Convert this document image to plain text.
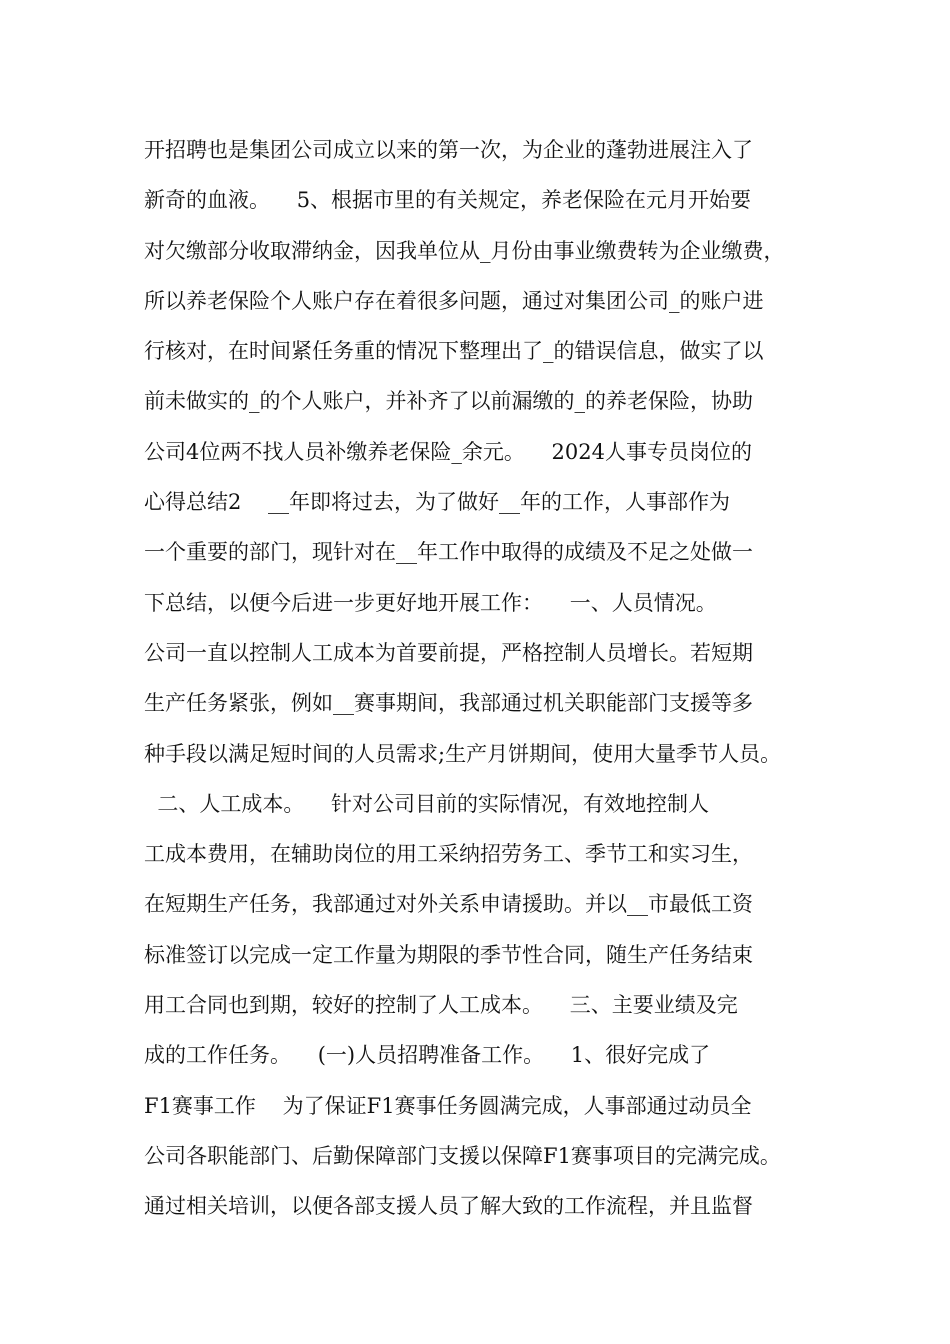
开招聘也是集团公司成立以来的第一次，为企业的蓬勃进展注入了
新奇的血液。    5、根据市里的有关规定，养老保险在元月开始要
对欠缴部分收取滞纳金，因我单位从_月份由事业缴费转为企业缴费，
所以养老保险个人账户存在着很多问题，通过对集团公司_的账户进
行核对，在时间紧任务重的情况下整理出了_的错误信息，做实了以
前未做实的_的个人账户，并补齐了以前漏缴的_的养老保险，协助
公司4位两不找人员补缴养老保险_余元。    2024人事专员岗位的
心得总结2    __年即将过去，为了做好__年的工作，人事部作为
一个重要的部门，现针对在__年工作中取得的成绩及不足之处做一
下总结，以便今后进一步更好地开展工作：    一、人员情况。
公司一直以控制人工成本为首要前提，严格控制人员增长。若短期
生产任务紧张，例如__赛事期间，我部通过机关职能部门支援等多
种手段以满足短时间的人员需求;生产月饼期间，使用大量季节人员。
二、人工成本。    针对公司目前的实际情况，有效地控制人
工成本费用，在辅助岗位的用工采纳招劳务工、季节工和实习生，
在短期生产任务，我部通过对外关系申请援助。并以__市最低工资
标准签订以完成一定工作量为期限的季节性合同，随生产任务结束
用工合同也到期，较好的控制了人工成本。    三、主要业绩及完
成的工作任务。    (一)人员招聘准备工作。    1、很好完成了
F1赛事工作    为了保证F1赛事任务圆满完成，人事部通过动员全
公司各职能部门、后勤保障部门支援以保障F1赛事项目的完满完成。
通过相关培训，以便各部支援人员了解大致的工作流程，并且监督
